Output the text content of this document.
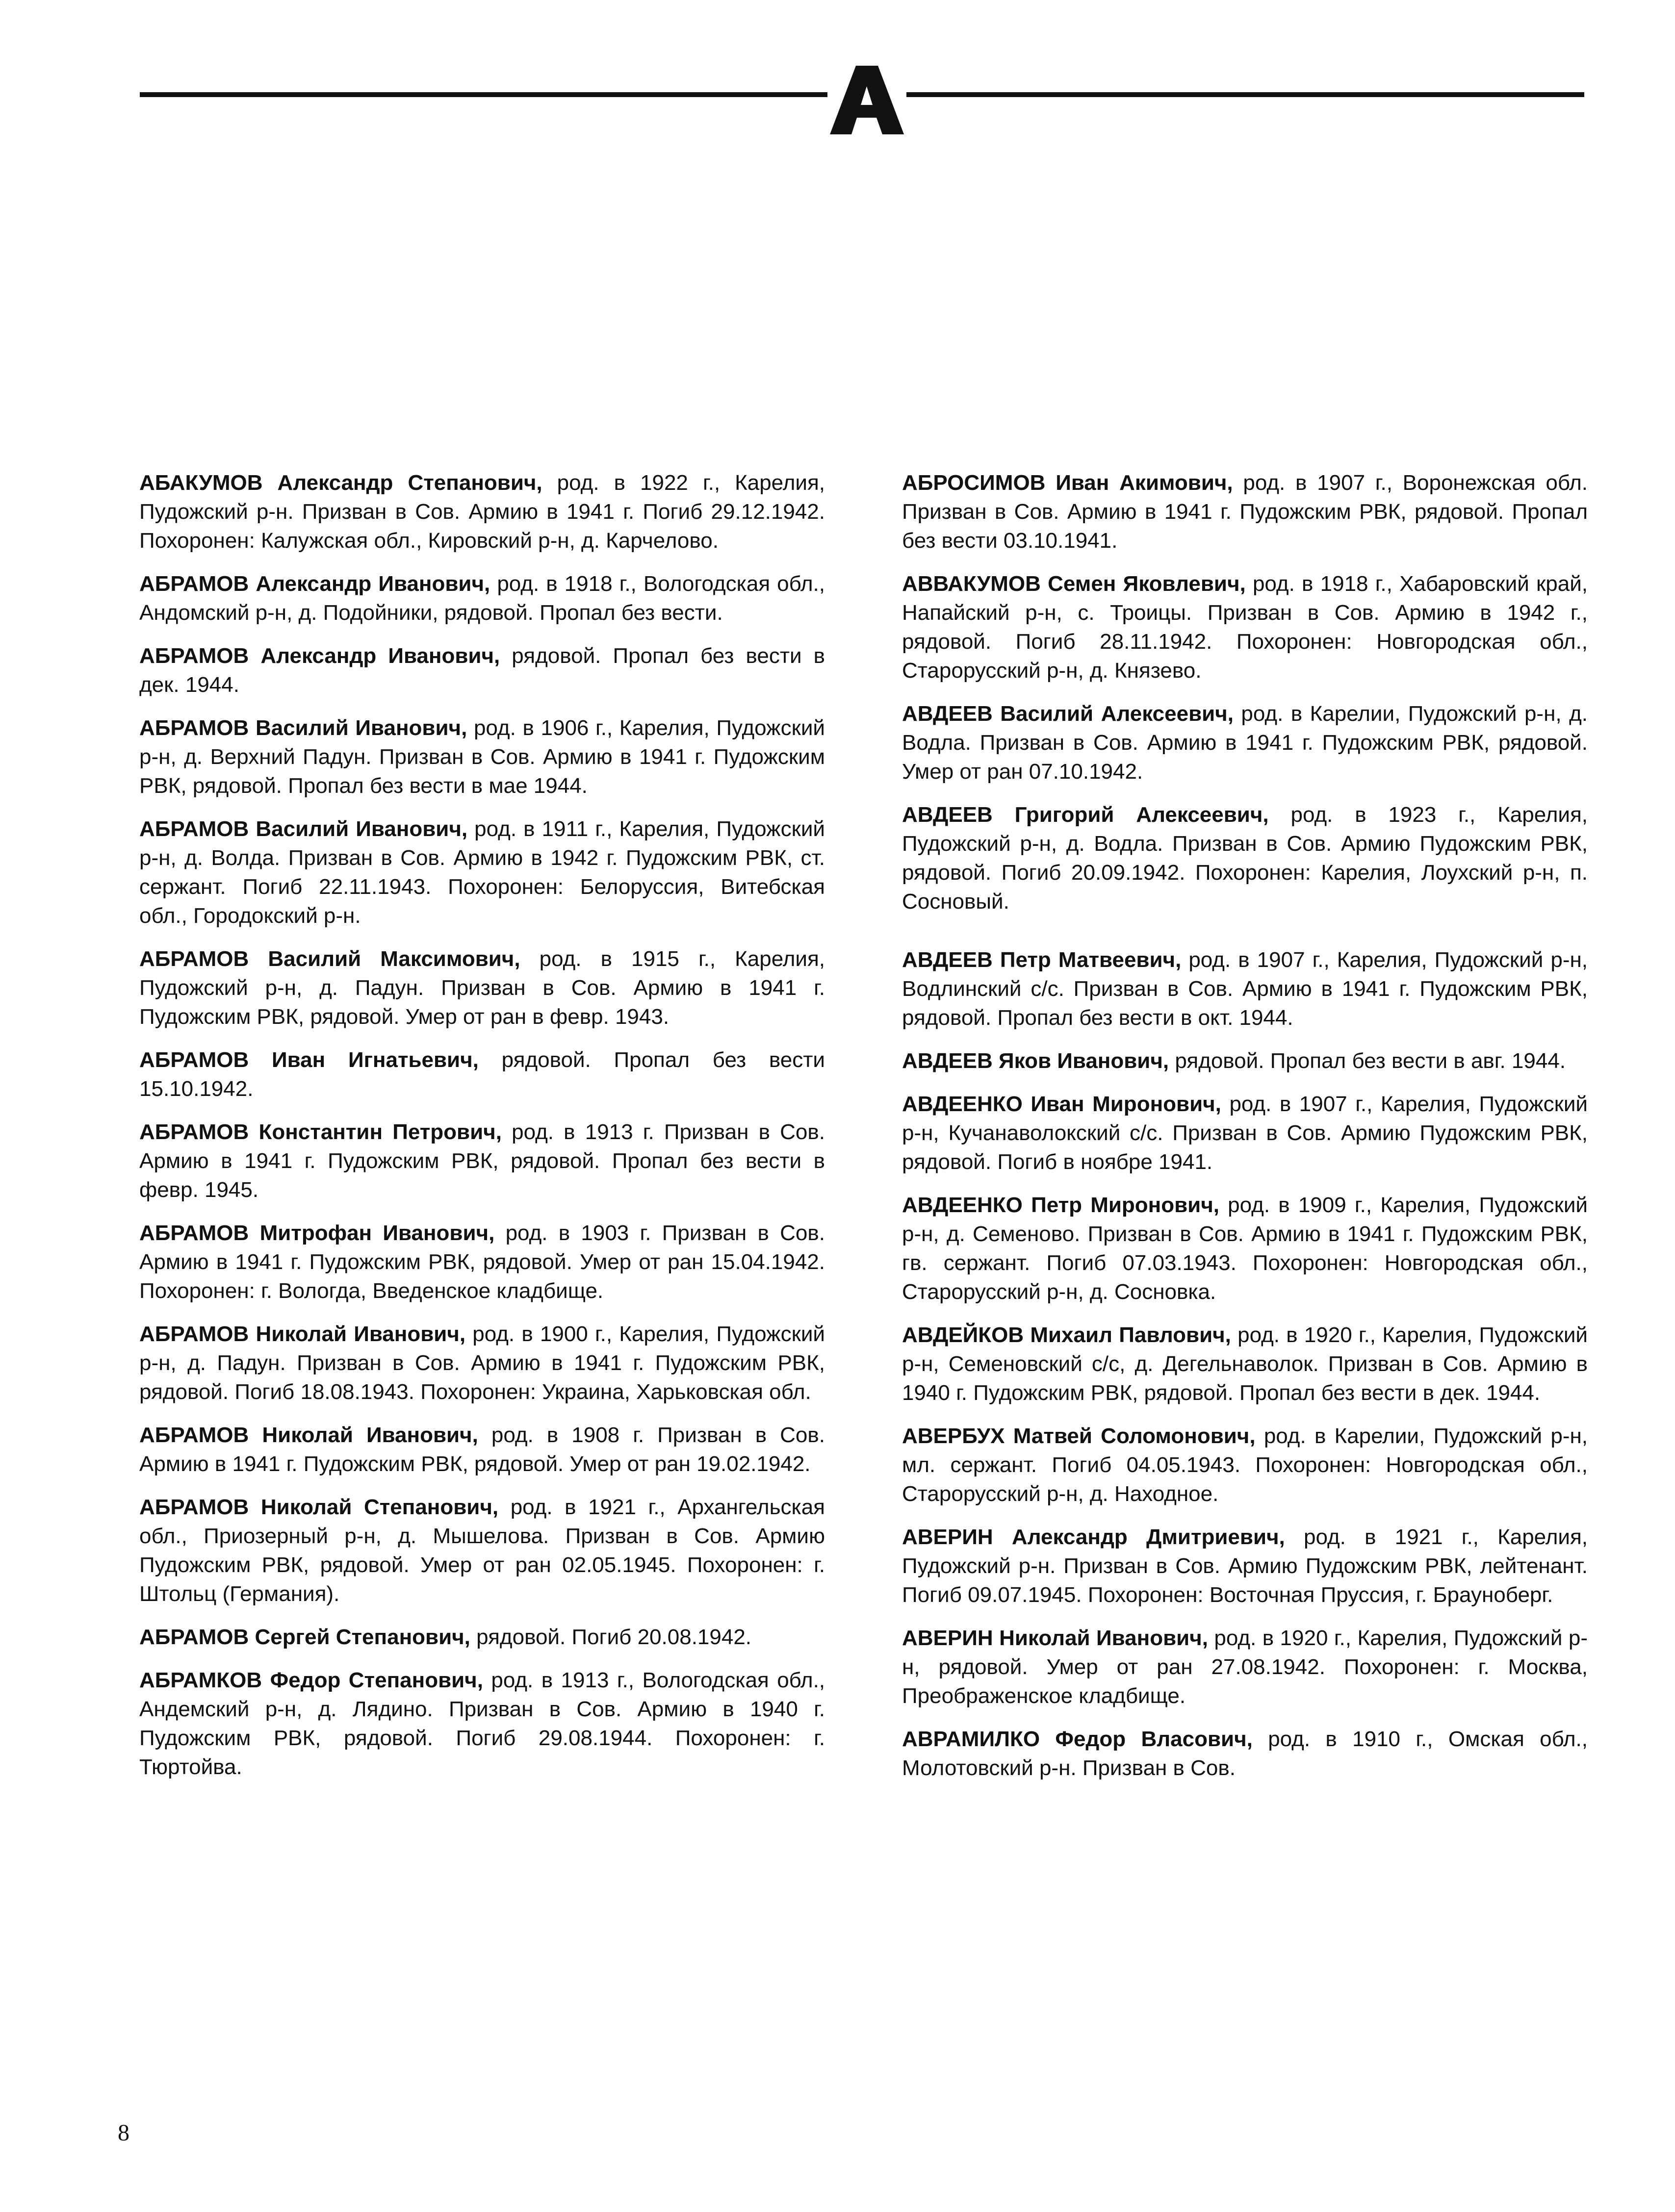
АБАКУМОВ Александр Степанович, род. в 1922 г., Карелия, Пудожский р-н. Призван в Сов. Армию в 1941 г. Погиб 29.12.1942. Похоронен: Калужская обл., Кировский р-н, д. Карчелово.

АБРАМОВ Александр Иванович, род. в 1918 г., Вологодская обл., Андомский р-н, д. Подойники, рядовой. Пропал без вести.

АБРАМОВ Александр Иванович, рядовой. Пропал без вести в дек. 1944.

АБРАМОВ Василий Иванович, род. в 1906 г., Карелия, Пудожский р-н, д. Верхний Падун. Призван в Сов. Армию в 1941 г. Пудожским РВК, рядовой. Пропал без вести в мае 1944.

АБРАМОВ Василий Иванович, род. в 1911 г., Карелия, Пудожский р-н, д. Волда. Призван в Сов. Армию в 1942 г. Пудожским РВК, ст. сержант. Погиб 22.11.1943. Похоронен: Белоруссия, Витебская обл., Городокский р-н.

АБРАМОВ Василий Максимович, род. в 1915 г., Карелия, Пудожский р-н, д. Падун. Призван в Сов. Армию в 1941 г. Пудожским РВК, рядовой. Умер от ран в февр. 1943.

АБРАМОВ Иван Игнатьевич, рядовой. Пропал без вести 15.10.1942.

АБРАМОВ Константин Петрович, род. в 1913 г. Призван в Сов. Армию в 1941 г. Пудожским РВК, рядовой. Пропал без вести в февр. 1945.

АБРАМОВ Митрофан Иванович, род. в 1903 г. Призван в Сов. Армию в 1941 г. Пудожским РВК, рядовой. Умер от ран 15.04.1942. Похоронен: г. Вологда, Введенское кладбище.

АБРАМОВ Николай Иванович, род. в 1900 г., Карелия, Пудожский р-н, д. Падун. Призван в Сов. Армию в 1941 г. Пудожским РВК, рядовой. Погиб 18.08.1943. Похоронен: Украина, Харьковская обл.

АБРАМОВ Николай Иванович, род. в 1908 г. Призван в Сов. Армию в 1941 г. Пудожским РВК, рядовой. Умер от ран 19.02.1942.

АБРАМОВ Николай Степанович, род. в 1921 г., Архангельская обл., Приозерный р-н, д. Мышелова. Призван в Сов. Армию Пудожским РВК, рядовой. Умер от ран 02.05.1945. Похоронен: г. Штольц (Германия).

АБРАМОВ Сергей Степанович, рядовой. Погиб 20.08.1942.

АБРАМКОВ Федор Степанович, род. в 1913 г., Вологодская обл., Андемский р-н, д. Лядино. Призван в Сов. Армию в 1940 г. Пудожским РВК, рядовой. Погиб 29.08.1944. Похоронен: г. Тюртойва.

АБРОСИМОВ Иван Акимович, род. в 1907 г., Воронежская обл. Призван в Сов. Армию в 1941 г. Пудожским РВК, рядовой. Пропал без вести 03.10.1941.

АВВАКУМОВ Семен Яковлевич, род. в 1918 г., Хабаровский край, Напайский р-н, с. Троицы. Призван в Сов. Армию в 1942 г., рядовой. Погиб 28.11.1942. Похоронен: Новгородская обл., Старорусский р-н, д. Князево.

АВДЕЕВ Василий Алексеевич, род. в Карелии, Пудожский р-н, д. Водла. Призван в Сов. Армию в 1941 г. Пудожским РВК, рядовой. Умер от ран 07.10.1942.

АВДЕЕВ Григорий Алексеевич, род. в 1923 г., Карелия, Пудожский р-н, д. Водла. Призван в Сов. Армию Пудожским РВК, рядовой. Погиб 20.09.1942. Похоронен: Карелия, Лоухский р-н, п. Сосновый.

АВДЕЕВ Петр Матвеевич, род. в 1907 г., Карелия, Пудожский р-н, Водлинский с/с. Призван в Сов. Армию в 1941 г. Пудожским РВК, рядовой. Пропал без вести в окт. 1944.

АВДЕЕВ Яков Иванович, рядовой. Пропал без вести в авг. 1944.

АВДЕЕНКО Иван Миронович, род. в 1907 г., Карелия, Пудожский р-н, Кучанаволокский с/с. Призван в Сов. Армию Пудожским РВК, рядовой. Погиб в ноябре 1941.

АВДЕЕНКО Петр Миронович, род. в 1909 г., Карелия, Пудожский р-н, д. Семеново. Призван в Сов. Армию в 1941 г. Пудожским РВК, гв. сержант. Погиб 07.03.1943. Похоронен: Новгородская обл., Старорусский р-н, д. Сосновка.

АВДЕЙКОВ Михаил Павлович, род. в 1920 г., Карелия, Пудожский р-н, Семеновский с/с, д. Дегельнаволок. Призван в Сов. Армию в 1940 г. Пудожским РВК, рядовой. Пропал без вести в дек. 1944.

АВЕРБУХ Матвей Соломонович, род. в Карелии, Пудожский р-н, мл. сержант. Погиб 04.05.1943. Похоронен: Новгородская обл., Старорусский р-н, д. Находное.

АВЕРИН Александр Дмитриевич, род. в 1921 г., Карелия, Пудожский р-н. Призван в Сов. Армию Пудожским РВК, лейтенант. Погиб 09.07.1945. Похоронен: Восточная Пруссия, г. Брауноберг.

АВЕРИН Николай Иванович, род. в 1920 г., Карелия, Пудожский р-н, рядовой. Умер от ран 27.08.1942. Похоронен: г. Москва, Преображенское кладбище.

АВРАМИЛКО Федор Власович, род. в 1910 г., Омская обл., Молотовский р-н. Призван в Сов.

8
